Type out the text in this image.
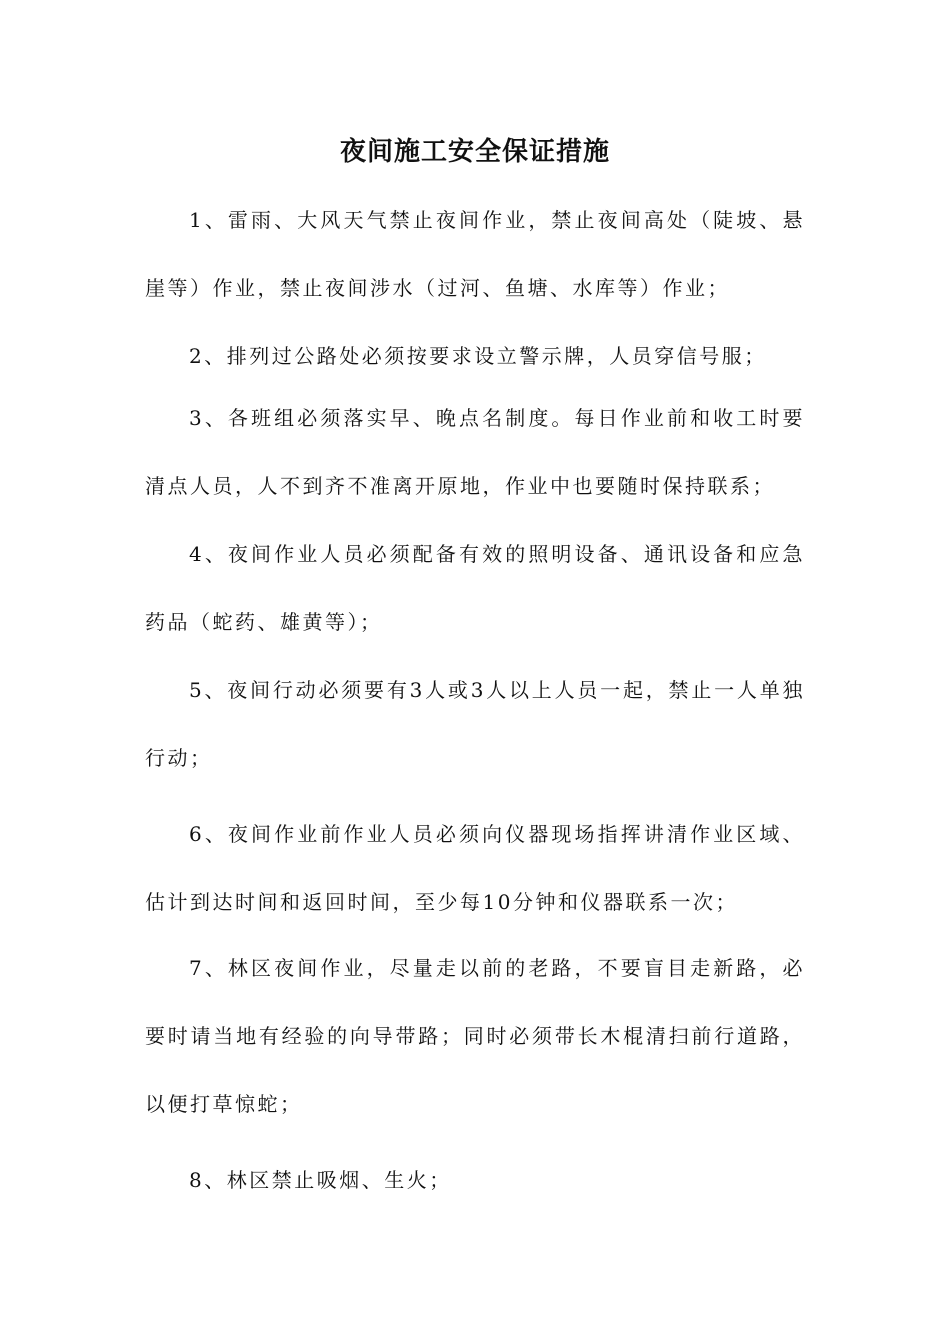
夜间施工安全保证措施

1、雷雨、大风天气禁止夜间作业，禁止夜间高处（陡坡、悬崖等）作业，禁止夜间涉水（过河、鱼塘、水库等）作业；

2、排列过公路处必须按要求设立警示牌，人员穿信号服；

3、各班组必须落实早、晚点名制度。每日作业前和收工时要清点人员，人不到齐不准离开原地，作业中也要随时保持联系；

4、夜间作业人员必须配备有效的照明设备、通讯设备和应急药品（蛇药、雄黄等）；

5、夜间行动必须要有3人或3人以上人员一起，禁止一人单独行动；

6、夜间作业前作业人员必须向仪器现场指挥讲清作业区域、估计到达时间和返回时间，至少每10分钟和仪器联系一次；

7、林区夜间作业，尽量走以前的老路，不要盲目走新路，必要时请当地有经验的向导带路；同时必须带长木棍清扫前行道路，以便打草惊蛇；

8、林区禁止吸烟、生火；
